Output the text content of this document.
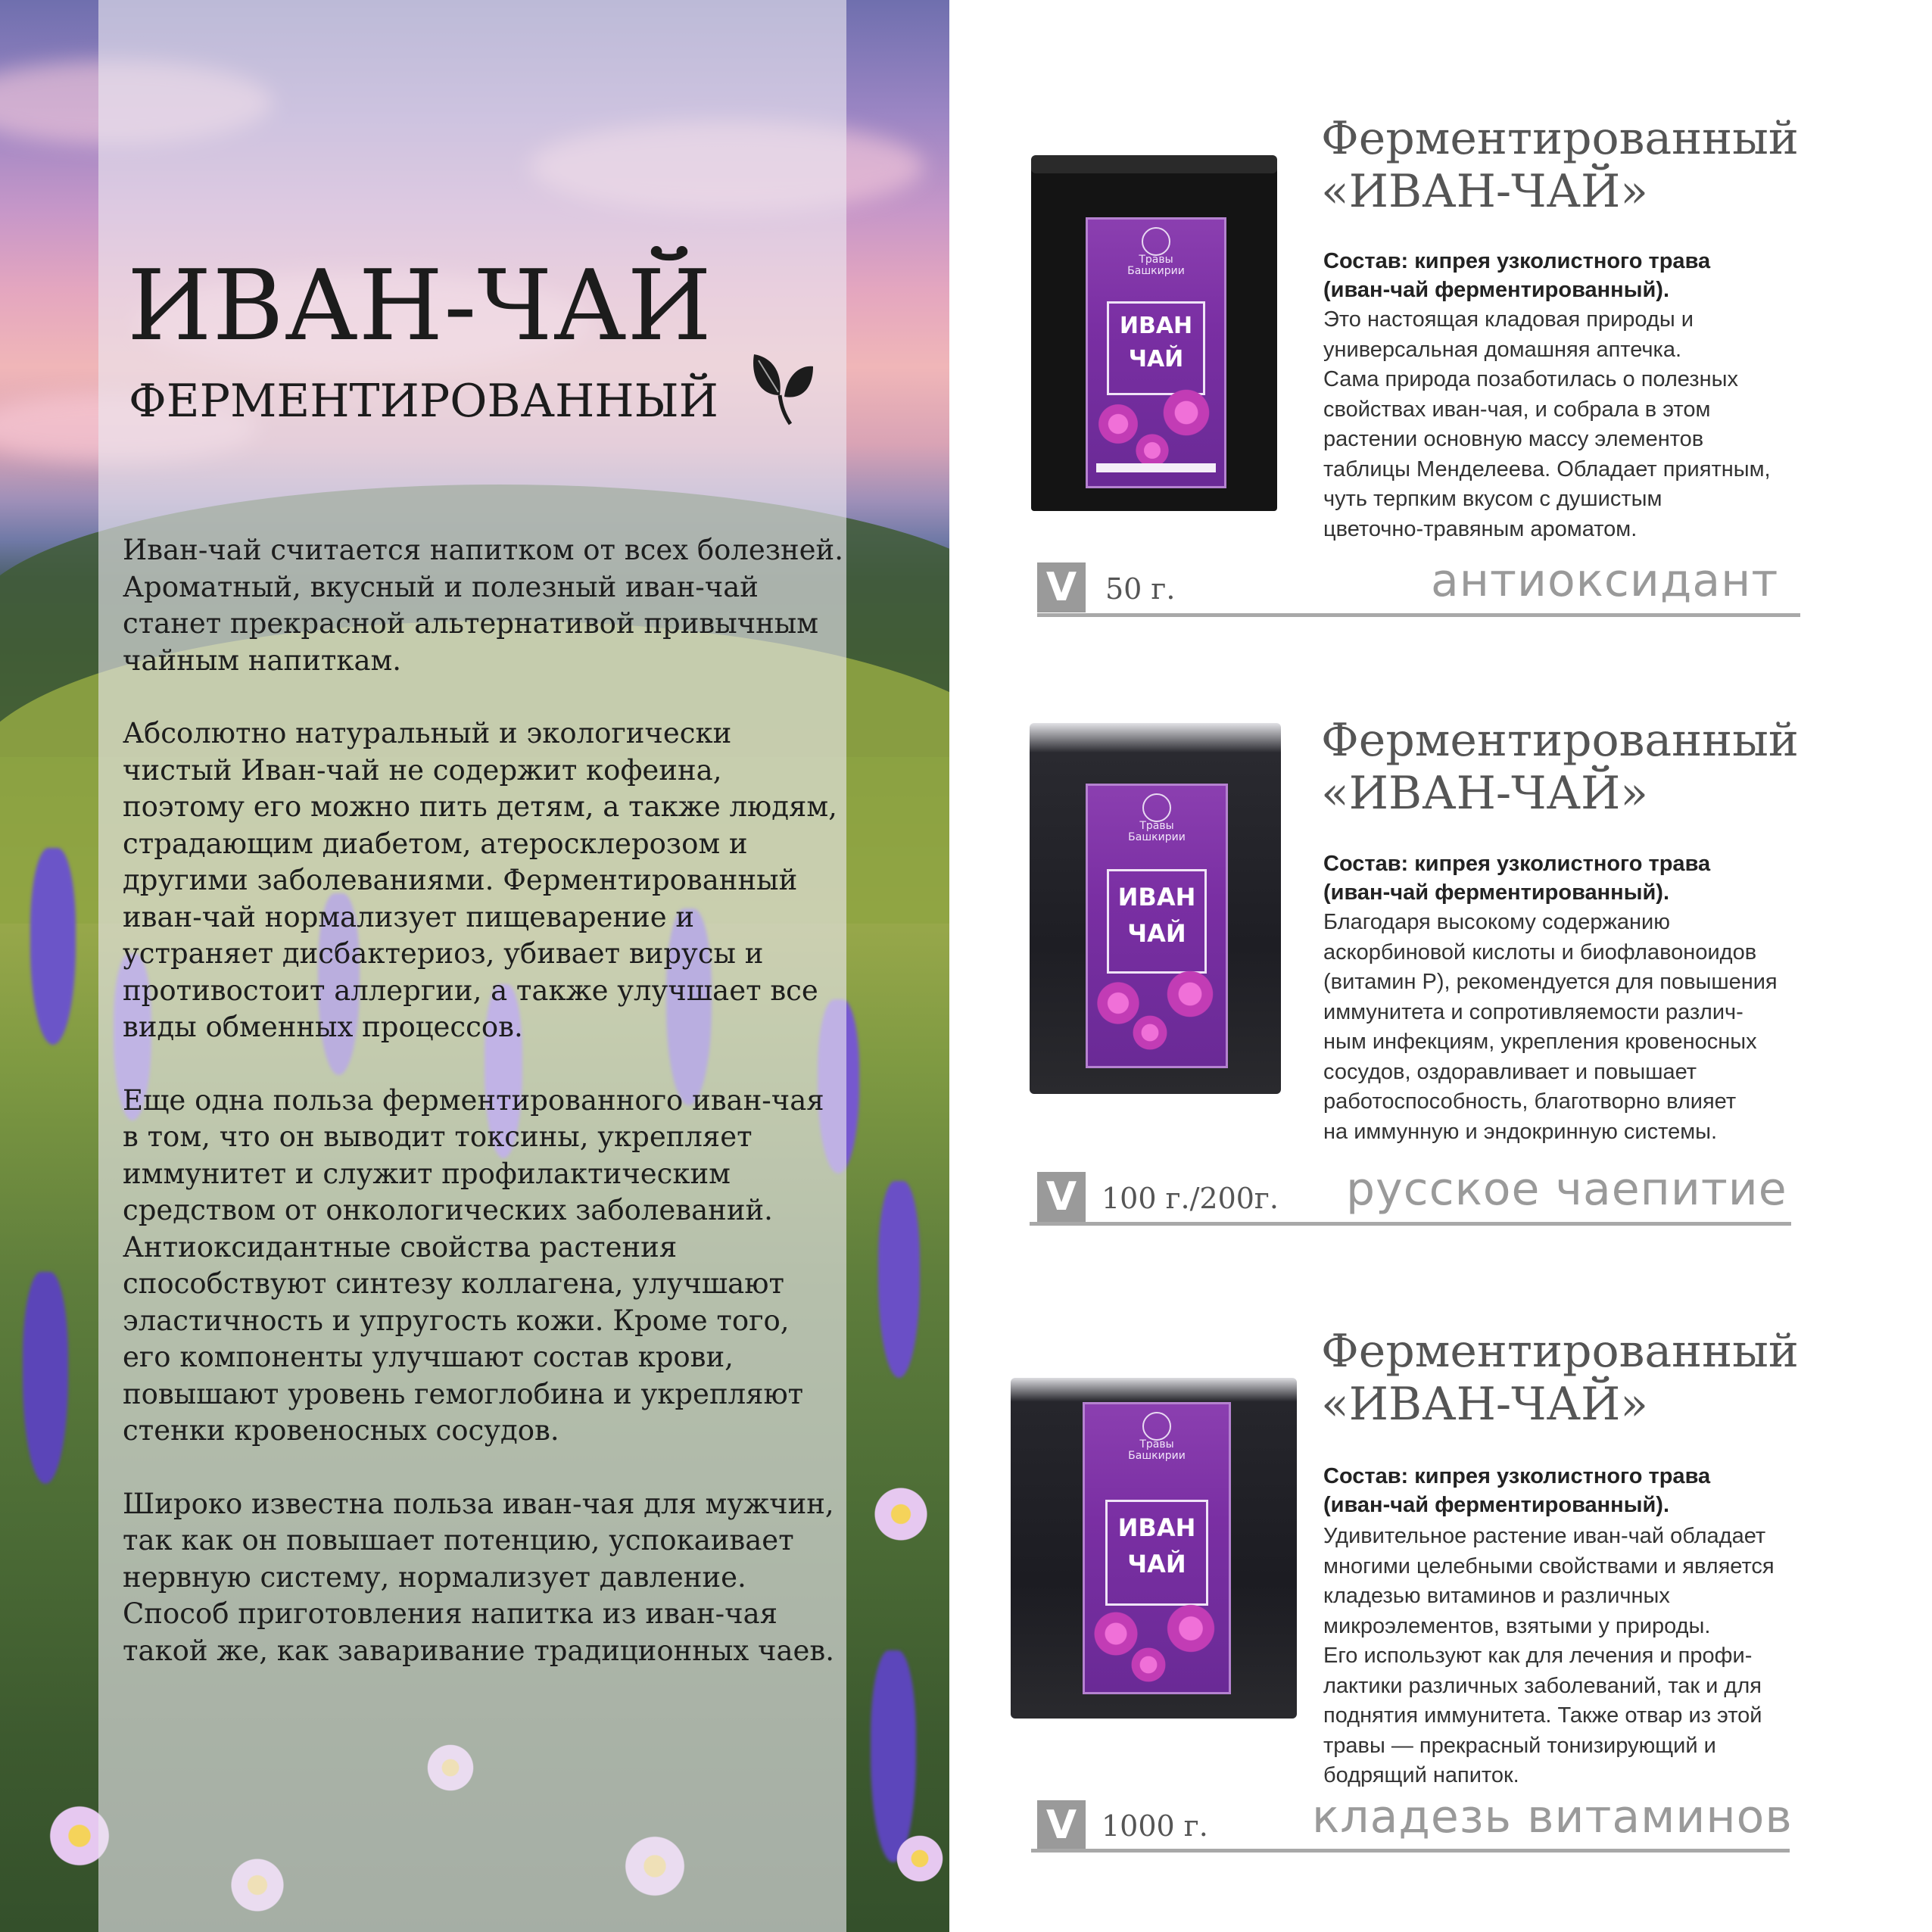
ИВАН-ЧАЙ
ФЕРМЕНТИРОВАННЫЙ

Иван-чай считается напитком от всех болезней.
Ароматный, вкусный и полезный иван-чай
станет прекрасной альтернативой привычным
чайным напиткам.

Абсолютно натуральный и экологически
чистый Иван-чай не содержит кофеина,
поэтому его можно пить детям, а также людям,
страдающим диабетом, атеросклерозом и
другими заболеваниями. Ферментированный
иван-чай нормализует пищеварение и
устраняет дисбактериоз, убивает вирусы и
противостоит аллергии, а также улучшает все
виды обменных процессов.

Еще одна польза ферментированного иван-чая
в том, что он выводит токсины, укрепляет
иммунитет и служит профилактическим
средством от онкологических заболеваний.
Антиоксидантные свойства растения
способствуют синтезу коллагена, улучшают
эластичность и упругость кожи. Кроме того,
его компоненты улучшают состав крови,
повышают уровень гемоглобина и укрепляют
стенки кровеносных сосудов.

Широко известна польза иван-чая для мужчин,
так как он повышает потенцию, успокаивает
нервную систему, нормализует давление.
Способ приготовления напитка из иван-чая
такой же, как заваривание традиционных чаев.

Травы
Башкирии
ИВАН
ЧАЙ
Ферментированный
«ИВАН-ЧАЙ»
Состав: кипрея узколистного трава
(иван-чай ферментированный).
Это настоящая кладовая природы и
универсальная домашняя аптечка.
Сама природа позаботилась о полезных
свойствах иван-чая, и собрала в этом
растении основную массу элементов
таблицы Менделеева. Обладает приятным,
чуть терпким вкусом с душистым
цветочно-травяным ароматом.
V 50 г.	антиоксидант
Травы
Башкирии
ИВАН
ЧАЙ
Ферментированный
«ИВАН-ЧАЙ»
Состав: кипрея узколистного трава
(иван-чай ферментированный).
Благодаря высокому содержанию
аскорбиновой кислоты и биофлавоноидов
(витамин Р), рекомендуется для повышения
иммунитета и сопротивляемости различ-
ным инфекциям, укрепления кровеносных
сосудов, оздоравливает и повышает
работоспособность, благотворно влияет
на иммунную и эндокринную системы.
V 100 г./200г. русское чаепитие
Травы
Башкирии
ИВАН
ЧАЙ
Ферментированный
«ИВАН-ЧАЙ»
Состав: кипрея узколистного трава
(иван-чай ферментированный).
Удивительное растение иван-чай обладает
многими целебными свойствами и является
кладезью витаминов и различных
микроэлементов, взятыми у природы.
Его используют как для лечения и профи-
лактики различных заболеваний, так и для
поднятия иммунитета. Также отвар из этой
травы — прекрасный тонизирующий и
бодрящий напиток.
V 1000 г. кладезь витаминов
